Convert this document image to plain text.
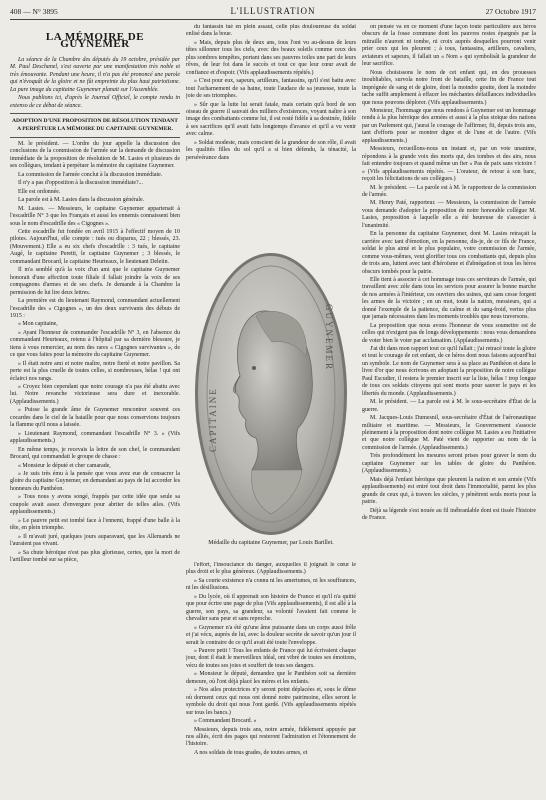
408 — N° 3895	L'ILLUSTRATION	27 Octobre 1917
LA MÉMOIRE DE GUYNEMER

La séance de la Chambre des députés du 19 octobre, présidée par M. Paul Deschanel, s'est ouverte par une manifestation très noble et très émouvante. Pendant une heure, il n'a pas été prononcé une parole qui n'évoquât de la gloire et ne fût empreinte du plus haut patriotisme. La pure image du capitaine Guynemer planait sur l'Assemblée.

Nous publions ici, d'après le Journal Officiel, le compte rendu in extenso de ce débat de séance.

ADOPTION D'UNE PROPOSITION DE RÉSOLUTION TENDANT A PERPÉTUER LA MÉMOIRE DU CAPITAINE GUYNEMER.

M. le président. — L'ordre du jour appelle la discussion des conclusions de la commission de l'armée sur la demande de discussion immédiate de la proposition de résolution de M. Lasies et plusieurs de ses collègues, tendant à perpétuer la mémoire du capitaine Guynemer.

La commission de l'armée conclut à la discussion immédiate.

Il n'y a pas d'opposition à la discussion immédiate?...

Elle est ordonnée.

La parole est à M. Lasies dans la discussion générale.

M. Lasies. — Messieurs, le capitaine Guynemer appartenait à l'escadrille N° 3 que les Français et aussi les ennemis connaissent bien sous le nom d'escadrille des « Cigognes ».

Cette escadrille fut fondée en avril 1915 à l'effectif moyen de 10 pilotes. Aujourd'hui, elle compte : tués ou disparus, 22 ; blessés, 23. (Mouvement.) Elle a eu six chefs d'escadrille : 3 tués, le capitaine Augé, le capitaine Peretti, le capitaine Guynemer ; 3 blessés, le commandant Brocard, le capitaine Heurteaux, le lieutenant Deleiin.

Il m'a semblé qu'à la voix d'un ami que le capitaine Guynemer honorait d'une affection toute filiale il fallait joindre la voix de ses compagnons d'armes et de ses chefs. Je demande à la Chambre la permission de lui lire deux lettres.

La première est du lieutenant Raymond, commandant actuellement l'escadrille des « Cigognes », un des deux survivants des débuts de 1915 :

« Mon capitaine,

» Ayant l'honneur de commander l'escadrille N° 3, en l'absence du commandant Heurteaux, retenu à l'hôpital par sa dernière blessure, je tiens à vous remercier, au nom des rares « Cigognes survivantes », de ce que vous faites pour la mémoire du capitaine Guynemer.

» Il était notre ami et notre maître, notre fierté et notre pavillon. Sa perte est la plus cruelle de toutes celles, si nombreuses, hélas ! qui ont éclairci nos rangs.

» Croyez bien cependant que notre courage n'a pas été abattu avec lui. Notre revanche victorieuse sera dure et inexorable. (Applaudissements.)

» Puisse la grande âme de Guynemer rencontrer souvent ces cocardes dans le ciel de la bataille pour que nous conservions toujours la flamme qu'il nous a laissée.

» Lieutenant Raymond, commandant l'escadrille N° 3. » (Vifs applaudissements.)

En même temps, je recevais la lettre de son chef, le commandant Brocard, qui commandait le groupe de chasse :

« Monsieur le député et cher camarade,

» Je suis très ému à la pensée que vous avez eue de consacrer la gloire du capitaine Guynemer, en demandant au pays de lui accorder les honneurs du Panthéon.

» Tous nous y avons songé, frappés par cette idée que seule sa coupole avait assez d'envergure pour abriter de telles ailes. (Vifs applaudissements.)

» Le pauvre petit est tombé face à l'ennemi, frappé d'une balle à la tête, en plein triomphe.

» Il m'avait juré, quelques jours auparavant, que les Allemands ne l'auraient pas vivant.

» Sa chute héroïque n'est pas plus glorieuse, certes, que la mort de l'artilleur tombé sur sa pièce,

du fantassin tué en plein assaut, celle plus douloureuse du soldat enlisé dans la boue.

» Mais, depuis plus de deux ans, tous l'ont vu au-dessus de leurs têtes sillonner tous les ciels, avec des beaux soleils comme ceux des plus sombres tempêtes, portant dans ses pauvres toiles une part de leurs rêves, de leur foi dans le succès et tout ce que leur cœur avait de confiance et d'espoir. (Vifs applaudissements répétés.)

» C'est pour eux, sapeurs, artilleurs, fantassins, qu'il s'est battu avec tout l'acharnement de sa haine, toute l'audace de sa jeunesse, toute la joie de ses triomphes.

» Sûr que la lutte lui serait fatale, mais certain qu'à bord de son oiseau de guerre il sauvait des milliers d'existences, voyant naître à son image des combattants comme lui, il est resté fidèle à sa destinée, fidèle à ses sacrifices qu'il avait faits longtemps d'avance et qu'il a vu venir avec calme.

» Soldat modeste, mais conscient de la grandeur de son rôle, il avait les qualités filles du sol qu'il a si bien défendu, la ténacité, la persévérance dans

CAPITAINE
GUYNEMER
Médaille du capitaine Guynemer, par Louis Barillet.

l'effort, l'insouciance du danger, auxquelles il joignait le cœur le plus droit et le plus généreux. (Applaudissements.)

» Sa courte existence n'a connu ni les amertumes, ni les souffrances, ni les désillusions.

» Du lycée, où il apprenait son histoire de France et qu'il n'a quitté que pour écrire une page de plus (Vifs applaudissements), il est allé à la guerre, son pays, sa grandeur, sa volonté l'avaient fait comme le chevalier sans peur et sans reproche.

» Guynemer n'a été qu'une âme puissante dans un corps aussi frêle et j'ai vécu, auprès de lui, avec la douleur secrète de savoir qu'un jour il serait le contraire de ce qu'il avait été toute l'enveloppe.

» Pauvre petit ! Tous les enfants de France qui lui écrivaient chaque jour, dont il était le merveilleux idéal, ont vibré de toutes ses émotions, vécu de toutes ses joies et souffert de tous ses dangers.

» Monsieur le député, demandez que le Panthéon soit sa dernière demeure, où l'ont déjà placé les mères et les enfants.

» Nos ailes protectrices n'y seront point déplacées et, sous le dôme où dorment ceux qui nous ont donné notre patrimoine, elles seront le symbole du droit qui nous l'ont gardé. (Vifs applaudissements répétés sur tous les bancs.)

» Commandant Brocard. »

Messieurs, depuis trois ans, notre armée, fidèlement appuyée par nos alliés, écrit des pages qui resteront l'admiration et l'étonnement de l'histoire.

A nos soldats de tous grades, de toutes armes, et

on pensée va en ce moment d'une façon toute particulière aux héros obscurs de la fosse commune dont les pauvres restes épargnés par la mitraille n'auront ni tombe, ni croix auprès desquelles pourront venir prier ceux qui les pleurent ; à tous, fantassins, artilleurs, cavaliers, aviateurs et sapeurs, il fallait un « Nom » qui symbolisât la grandeur de leur sacrifice.

Nous choisissons le nom de cet enfant qui, en des prouesses inoubliables, survola notre front de bataille, cette fin de France tout imprégnée de sang et de gloire, dont la moindre goutte, dont la moindre tache suffit amplement à effacer les méchantes défaillances individuelles que nous pouvons déplorer. (Vifs applaudissements.)

Monsieur, l'hommage que nous rendons à Guynemer est un hommage rendu à la plus héroïque des armées et aussi à la plus stoïque des nations par un Parlement qui, j'aurai le courage de l'affirmer, fit, depuis trois ans, tant d'efforts pour se montrer digne et de l'une et de l'autre. (Vifs applaudissements.)

Messieurs, recueillons-nous un instant et, par un vote unanime, répondons à la grande voix des morts qui, des tombes et des airs, nous fait entendre toujours et quand même un fier « Pas de paix sans victoire ! » (Vifs applaudissements répétés. — L'orateur, de retour à son banc, reçoit les félicitations de ses collègues.)

M. le président. — La parole est à M. le rapporteur de la commission de l'armée.

M. Henry Paté, rapporteur. — Messieurs, la commission de l'armée vous demande d'adopter la proposition de notre honorable collègue M. Lasies, proposition à laquelle elle a été heureuse de s'associer à l'unanimité.

En la personne du capitaine Guynemer, dont M. Lasies retraçait la carrière avec tant d'émotion, en la personne, dis-je, de ce fils de France, soldat le plus aimé et le plus populaire, votre commission de l'armée, comme vous-mêmes, veut glorifier tous ces combattants qui, depuis plus de trois ans, luttent avec tant d'héroïsme et d'abnégation et tous les héros obscurs tombés pour la patrie.

Elle tient à associer à cet hommage tous ces serviteurs de l'armée, qui travaillent avec zèle dans tous les services pour assurer la bonne marche de nos armées à l'intérieur, ces ouvriers des usines, qui sans cesse forgent les armes de la victoire ; en un mot, toute la nation, messieurs, qui a donné l'exemple de la patience, du calme et du sang-froid, vertus plus que jamais nécessaires dans les moments troublés que nous traversons.

La proposition que nous avons l'honneur de vous soumettre est de celles qui n'exigent pas de longs développements : nous vous demandons de voter bien le voter par acclamation. (Applaudissements.)

J'ai dit dans mon rapport tout ce qu'il fallait ; j'ai retracé toute la gloire et tout le courage de cet enfant, de ce héros dont nous faisons aujourd'hui un symbole. Le nom de Guynemer sera à sa place au Panthéon et dans le livre d'or que nous écrivons en adoptant la proposition de notre collègue Paul Escudier, il restera le premier inscrit sur la liste, hélas ! trop longue de tous ces soldats citoyens qui sont morts pour sauver le pays et les libertés du monde. (Applaudissements.)

M. le président. — La parole est à M. le sous-secrétaire d'État de la guerre.

M. Jacques-Louis Dumesnil, sous-secrétaire d'État de l'aéronautique militaire et maritime. — Messieurs, le Gouvernement s'associe pleinement à la proposition dont notre collègue M. Lasies a eu l'initiative et que notre collègue M. Paté vient de rapporter au nom de la commission de l'armée. (Applaudissements.)

Très profondément les mesures seront prises pour graver le nom du capitaine Guynemer sur les tables de gloire du Panthéon. (Applaudissements.)

Mais déjà l'enfant héroïque que pleurent la nation et son armée (Vifs applaudissements) est entré tout droit dans l'immortalité, parmi les plus grands de ceux qui, à travers les siècles, y pénètrent seuls morts pour la patrie.

Déjà sa légende s'est nouée au fil inébranlable dont est tissée l'histoire de France.
